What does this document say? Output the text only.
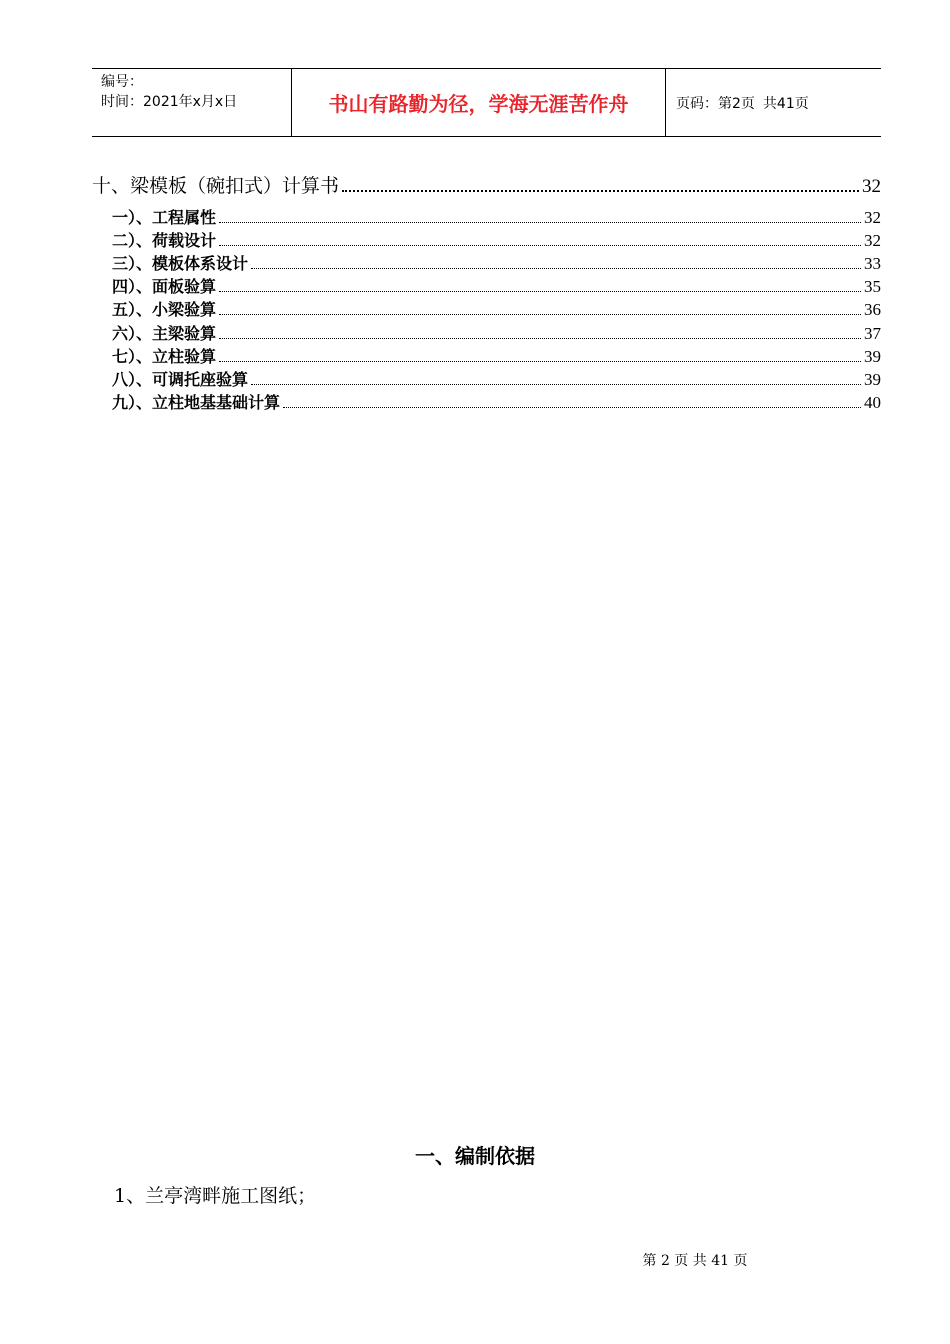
编号：
时间：2021年x月x日	书山有路勤为径，学海无涯苦作舟	页码：第2页 共41页
十、梁模板（碗扣式）计算书	32
一）、工程属性	32
二）、荷载设计	32
三）、模板体系设计	33
四）、面板验算	35
五）、小梁验算	36
六）、主梁验算	37
七）、立柱验算	39
八）、可调托座验算	39
九）、立柱地基基础计算	40
一、编制依据
1、兰亭湾畔施工图纸；
第 2 页 共 41 页
